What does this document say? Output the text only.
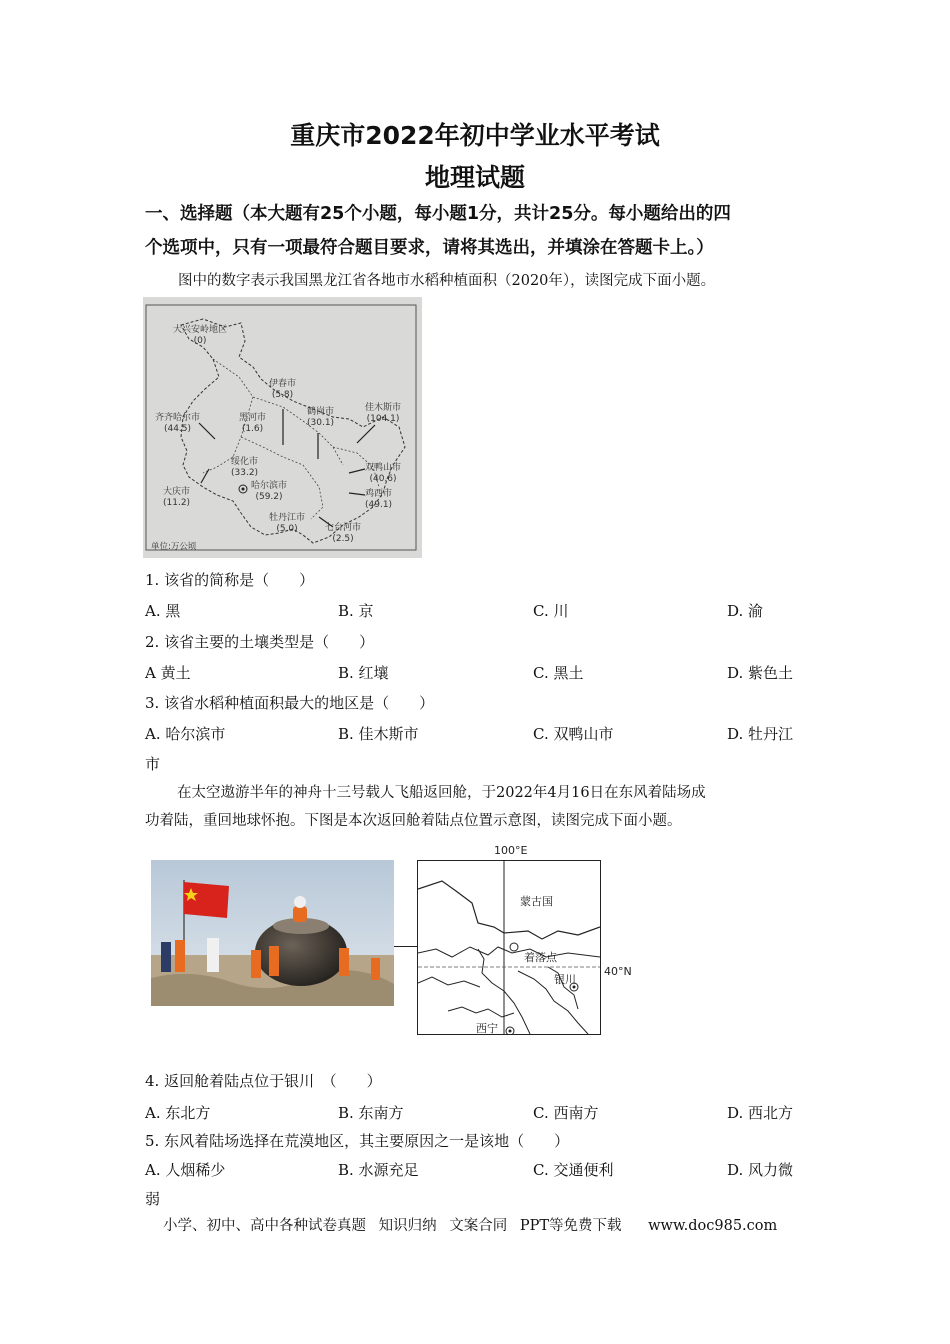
重庆市2022年初中学业水平考试
地理试题
一、选择题（本大题有25个小题，每小题1分，共计25分。每小题给出的四
个选项中，只有一项最符合题目要求，请将其选出，并填涂在答题卡上。）
图中的数字表示我国黑龙江省各地市水稻种植面积（2020年），读图完成下面小题。
大兴安岭地区
(0)
伊春市
(5.8)
黑河市
(1.6)
鹤岗市
(30.1)
佳木斯市
(104.1)
齐齐哈尔市
(44.5)
绥化市
(33.2)
哈尔滨市
(59.2)
双鸭山市
(40.6)
大庆市
(11.2)
鸡西市
(49.1)
牡丹江市
(5.0)	七台河市
(2.5)
单位:万公顷
1. 该省的简称是（　　）
A. 黑	B. 京	C. 川	D. 渝
2. 该省主要的土壤类型是（　　）
A 黄土	B. 红壤	C. 黑土	D. 紫色土
3. 该省水稻种植面积最大的地区是（　　）
A. 哈尔滨市	B. 佳木斯市	C. 双鸭山市	D. 牡丹江
市
在太空遨游半年的神舟十三号载人飞船返回舱，于2022年4月16日在东风着陆场成
功着陆，重回地球怀抱。下图是本次返回舱着陆点位置示意图，读图完成下面小题。
100°E
蒙古国
着落点
银川
西宁
40°N
4. 返回舱着陆点位于银川　（　　）
A. 东北方	B. 东南方	C. 西南方	D. 西北方
5. 东风着陆场选择在荒漠地区，其主要原因之一是该地（　　）
A. 人烟稀少	B. 水源充足	C. 交通便利	D. 风力微
弱
小学、初中、高中各种试卷真题 知识归纳 文案合同 PPT等免费下载 www.doc985.com
